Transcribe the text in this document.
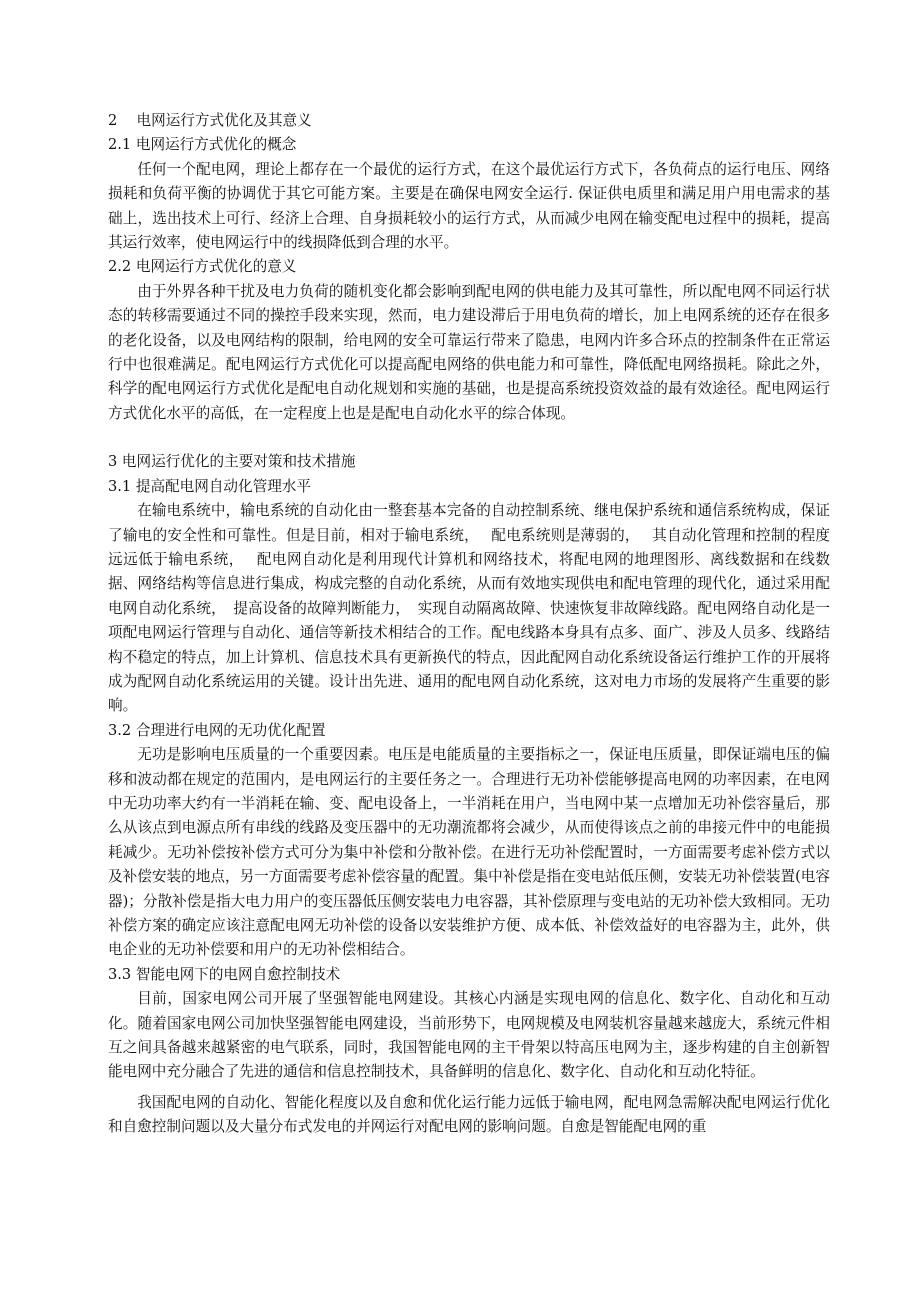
2　 电网运行方式优化及其意义

2.1 电网运行方式优化的概念

任何一个配电网，理论上都存在一个最优的运行方式，在这个最优运行方式下，各负荷点的运行电压、网络损耗和负荷平衡的协调优于其它可能方案。主要是在确保电网安全运行. 保证供电质里和满足用户用电需求的基础上，选出技术上可行、经济上合理、自身损耗较小的运行方式，从而减少电网在输变配电过程中的损耗，提高其运行效率，使电网运行中的线损降低到合理的水平。

2.2 电网运行方式优化的意义

由于外界各种干扰及电力负荷的随机变化都会影响到配电网的供电能力及其可靠性，所以配电网不同运行状态的转移需要通过不同的操控手段来实现，然而，电力建设滞后于用电负荷的增长，加上电网系统的还存在很多的老化设备，以及电网结构的限制，给电网的安全可靠运行带来了隐患，电网内许多合环点的控制条件在正常运行中也很难满足。配电网运行方式优化可以提高配电网络的供电能力和可靠性，降低配电网络损耗。除此之外，科学的配电网运行方式优化是配电自动化规划和实施的基础，也是提高系统投资效益的最有效途径。配电网运行方式优化水平的高低，在一定程度上也是是配电自动化水平的综合体现。

3 电网运行优化的主要对策和技术措施

3.1 提高配电网自动化管理水平

在输电系统中，输电系统的自动化由一整套基本完备的自动控制系统、继电保护系统和通信系统构成，保证了输电的安全性和可靠性。但是目前，相对于输电系统，　 配电系统则是薄弱的，　 其自动化管理和控制的程度远远低于输电系统，　 配电网自动化是利用现代计算机和网络技术，将配电网的地理图形、离线数据和在线数据、网络结构等信息进行集成，构成完整的自动化系统，从而有效地实现供电和配电管理的现代化，通过采用配电网自动化系统，　提高设备的故障判断能力，　实现自动隔离故障、快速恢复非故障线路。配电网络自动化是一项配电网运行管理与自动化、通信等新技术相结合的工作。配电线路本身具有点多、面广、涉及人员多、线路结构不稳定的特点，加上计算机、信息技术具有更新换代的特点，因此配网自动化系统设备运行维护工作的开展将成为配网自动化系统运用的关键。设计出先进、通用的配电网自动化系统，这对电力市场的发展将产生重要的影响。

3.2 合理进行电网的无功优化配置

无功是影响电压质量的一个重要因素。电压是电能质量的主要指标之一，保证电压质量，即保证端电压的偏移和波动都在规定的范围内，是电网运行的主要任务之一。合理进行无功补偿能够提高电网的功率因素，在电网中无功功率大约有一半消耗在输、变、配电设备上，一半消耗在用户，当电网中某一点增加无功补偿容量后，那么从该点到电源点所有串线的线路及变压器中的无功潮流都将会减少，从而使得该点之前的串接元件中的电能损耗减少。无功补偿按补偿方式可分为集中补偿和分散补偿。在进行无功补偿配置时，一方面需要考虑补偿方式以及补偿安装的地点，另一方面需要考虑补偿容量的配置。集中补偿是指在变电站低压侧，安装无功补偿装置(电容器)；分散补偿是指大电力用户的变压器低压侧安装电力电容器，其补偿原理与变电站的无功补偿大致相同。无功补偿方案的确定应该注意配电网无功补偿的设备以安装维护方便、成本低、补偿效益好的电容器为主，此外，供电企业的无功补偿要和用户的无功补偿相结合。

3.3 智能电网下的电网自愈控制技术

目前，国家电网公司开展了坚强智能电网建设。其核心内涵是实现电网的信息化、数字化、自动化和互动化。随着国家电网公司加快坚强智能电网建设，当前形势下，电网规模及电网装机容量越来越庞大，系统元件相互之间具备越来越紧密的电气联系，同时，我国智能电网的主干骨架以特高压电网为主，逐步构建的自主创新智能电网中充分融合了先进的通信和信息控制技术，具备鲜明的信息化、数字化、自动化和互动化特征。

我国配电网的自动化、智能化程度以及自愈和优化运行能力远低于输电网，配电网急需解决配电网运行优化和自愈控制问题以及大量分布式发电的并网运行对配电网的影响问题。自愈是智能配电网的重
